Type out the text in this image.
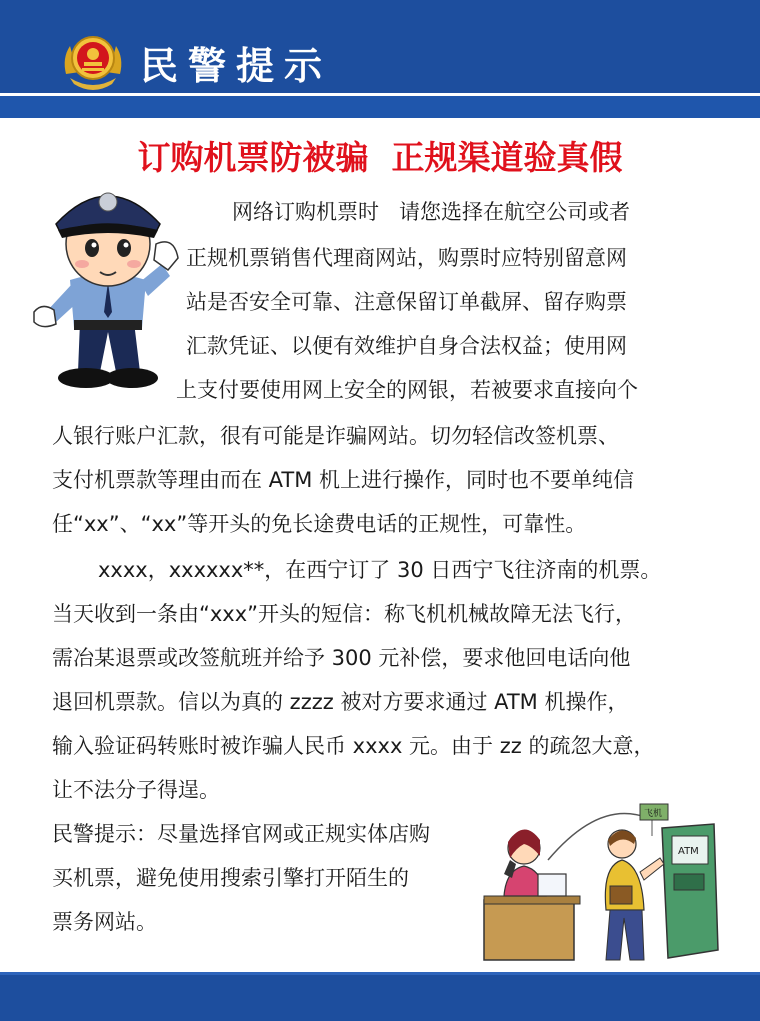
民警提示
订购机票防被骗  正规渠道验真假
网络订购机票时   请您选择在航空公司或者
正规机票销售代理商网站，购票时应特别留意网
站是否安全可靠、注意保留订单截屏、留存购票
汇款凭证、以便有效维护自身合法权益；使用网
上支付要使用网上安全的网银，若被要求直接向个
人银行账户汇款，很有可能是诈骗网站。切勿轻信改签机票、
支付机票款等理由而在 ATM 机上进行操作，同时也不要单纯信
任“xx”、“xx”等开头的免长途费电话的正规性，可靠性。
xxxx，xxxxxx**，在西宁订了 30 日西宁飞往济南的机票。
当天收到一条由“xxx”开头的短信：称飞机机械故障无法飞行，
需冶某退票或改签航班并给予 300 元补偿，要求他回电话向他
退回机票款。信以为真的 zzzz 被对方要求通过 ATM 机操作，
输入验证码转账时被诈骗人民币 xxxx 元。由于 zz 的疏忽大意，
让不法分子得逞。
民警提示：尽量选择官网或正规实体店购
买机票，避免使用搜索引擎打开陌生的
票务网站。
飞机
ATM
